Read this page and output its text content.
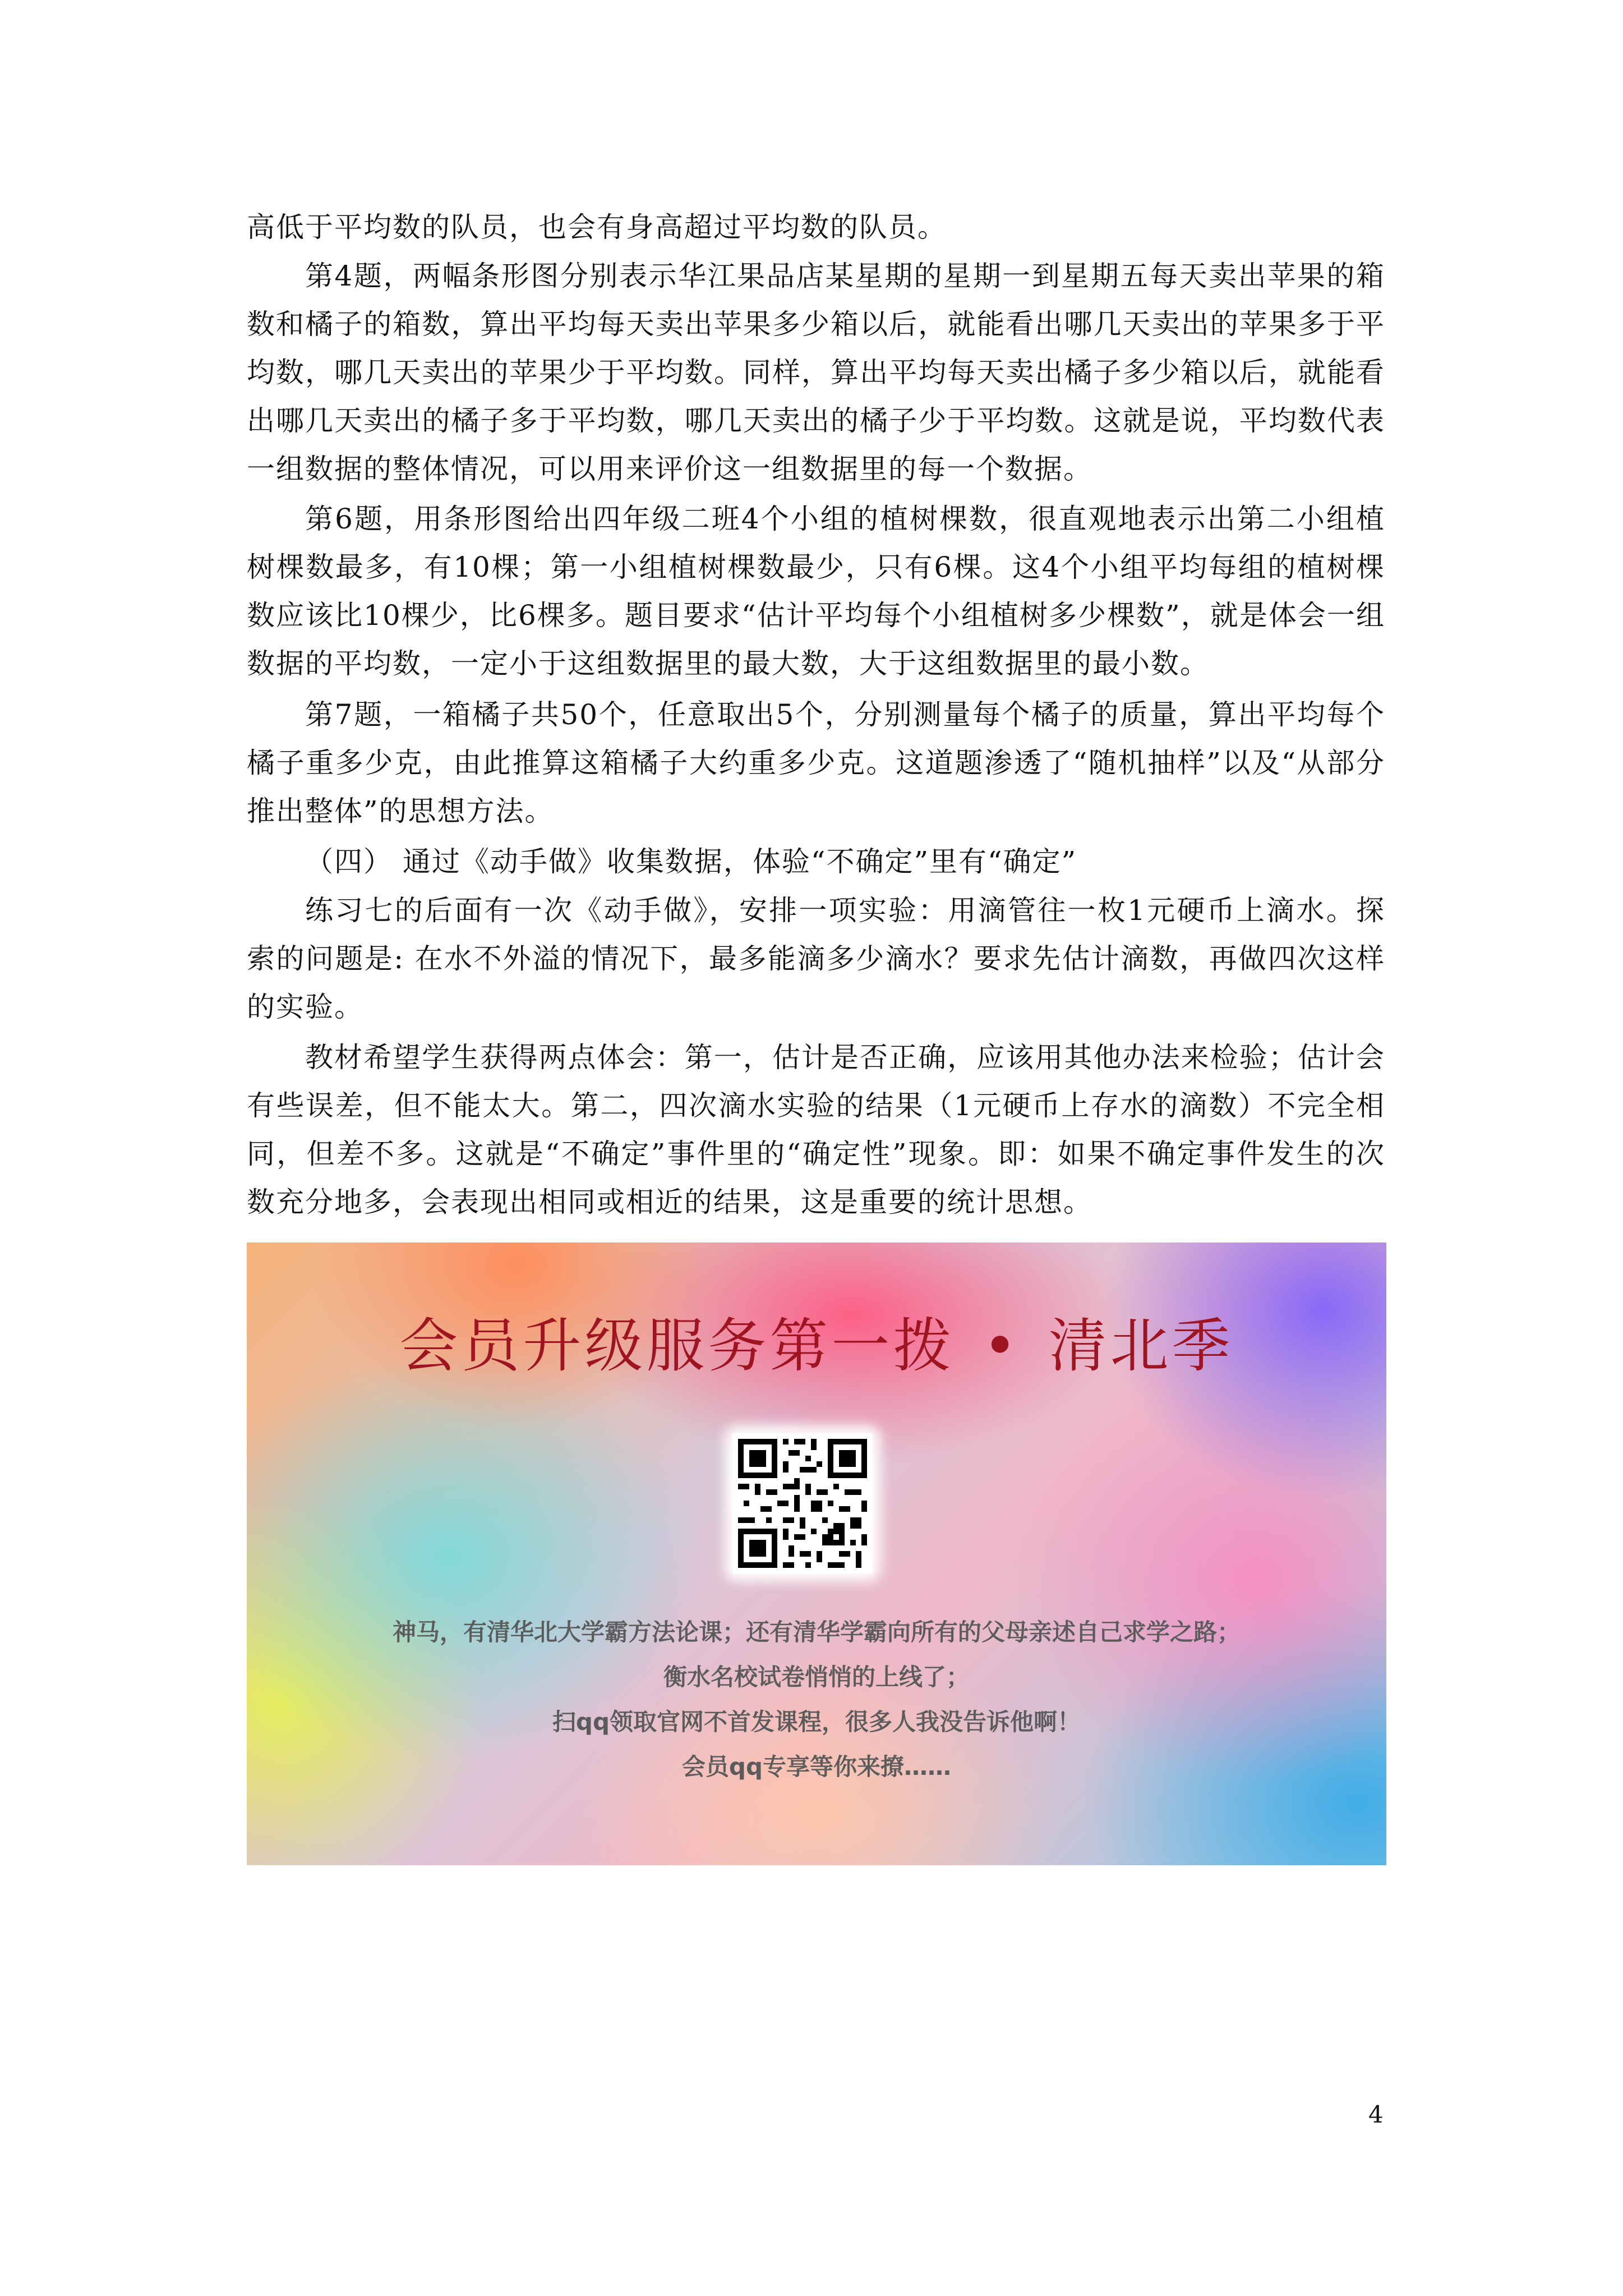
高低于平均数的队员，也会有身高超过平均数的队员。

第4题，两幅条形图分别表示华江果品店某星期的星期一到星期五每天卖出苹果的箱数和橘子的箱数，算出平均每天卖出苹果多少箱以后，就能看出哪几天卖出的苹果多于平均数，哪几天卖出的苹果少于平均数。同样，算出平均每天卖出橘子多少箱以后，就能看出哪几天卖出的橘子多于平均数，哪几天卖出的橘子少于平均数。这就是说，平均数代表一组数据的整体情况，可以用来评价这一组数据里的每一个数据。

第6题，用条形图给出四年级二班4个小组的植树棵数，很直观地表示出第二小组植树棵数最多，有10棵；第一小组植树棵数最少，只有6棵。这4个小组平均每组的植树棵数应该比10棵少，比6棵多。题目要求“估计平均每个小组植树多少棵数”，就是体会一组数据的平均数，一定小于这组数据里的最大数，大于这组数据里的最小数。

第7题，一箱橘子共50个，任意取出5个，分别测量每个橘子的质量，算出平均每个橘子重多少克，由此推算这箱橘子大约重多少克。这道题渗透了“随机抽样”以及“从部分推出整体”的思想方法。

（四） 通过《动手做》收集数据，体验“不确定”里有“确定”

练习七的后面有一次《动手做》，安排一项实验：用滴管往一枚1元硬币上滴水。探索的问题是: 在水不外溢的情况下，最多能滴多少滴水？要求先估计滴数，再做四次这样的实验。

教材希望学生获得两点体会：第一，估计是否正确，应该用其他办法来检验；估计会有些误差，但不能太大。第二，四次滴水实验的结果（1元硬币上存水的滴数）不完全相同，但差不多。这就是“不确定”事件里的“确定性”现象。即：如果不确定事件发生的次数充分地多，会表现出相同或相近的结果，这是重要的统计思想。

会员升级服务第一拨 • 清北季
神马，有清华北大学霸方法论课；还有清华学霸向所有的父母亲述自己求学之路；
衡水名校试卷悄悄的上线了；
扫qq领取官网不首发课程，很多人我没告诉他啊！
会员qq专享等你来撩……
4
